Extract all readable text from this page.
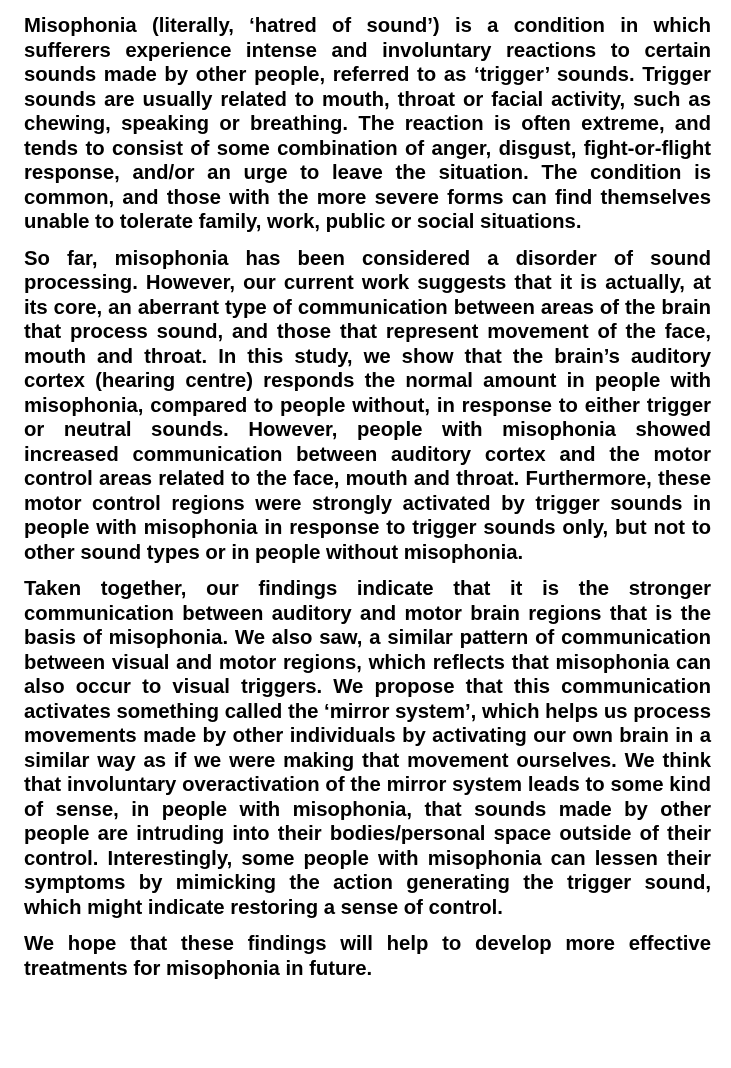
Misophonia (literally, ‘hatred of sound’) is a condition in which sufferers experience intense and involuntary reactions to certain sounds made by other people, referred to as ‘trigger’ sounds. Trigger sounds are usually related to mouth, throat or facial activity, such as chewing, speaking or breathing. The reaction is often extreme, and tends to consist of some combination of anger, disgust, fight-or-flight response, and/or an urge to leave the situation. The condition is common, and those with the more severe forms can find themselves unable to tolerate family, work, public or social situations.

So far, misophonia has been considered a disorder of sound processing. However, our current work suggests that it is actually, at its core, an aberrant type of communication between areas of the brain that process sound, and those that represent movement of the face, mouth and throat. In this study, we show that the brain’s auditory cortex (hearing centre) responds the normal amount in people with misophonia, compared to people without, in response to either trigger or neutral sounds. However, people with misophonia showed increased communication between auditory cortex and the motor control areas related to the face, mouth and throat. Furthermore, these motor control regions were strongly activated by trigger sounds in people with misophonia in response to trigger sounds only, but not to other sound types or in people without misophonia.

Taken together, our findings indicate that it is the stronger communication between auditory and motor brain regions that is the basis of misophonia. We also saw, a similar pattern of communication between visual and motor regions, which reflects that misophonia can also occur to visual triggers. We propose that this communication activates something called the ‘mirror system’, which helps us process movements made by other individuals by activating our own brain in a similar way as if we were making that movement ourselves. We think that involuntary overactivation of the mirror system leads to some kind of sense, in people with misophonia, that sounds made by other people are intruding into their bodies/personal space outside of their control. Interestingly, some people with misophonia can lessen their symptoms by mimicking the action generating the trigger sound, which might indicate restoring a sense of control.

We hope that these findings will help to develop more effective treatments for misophonia in future.
